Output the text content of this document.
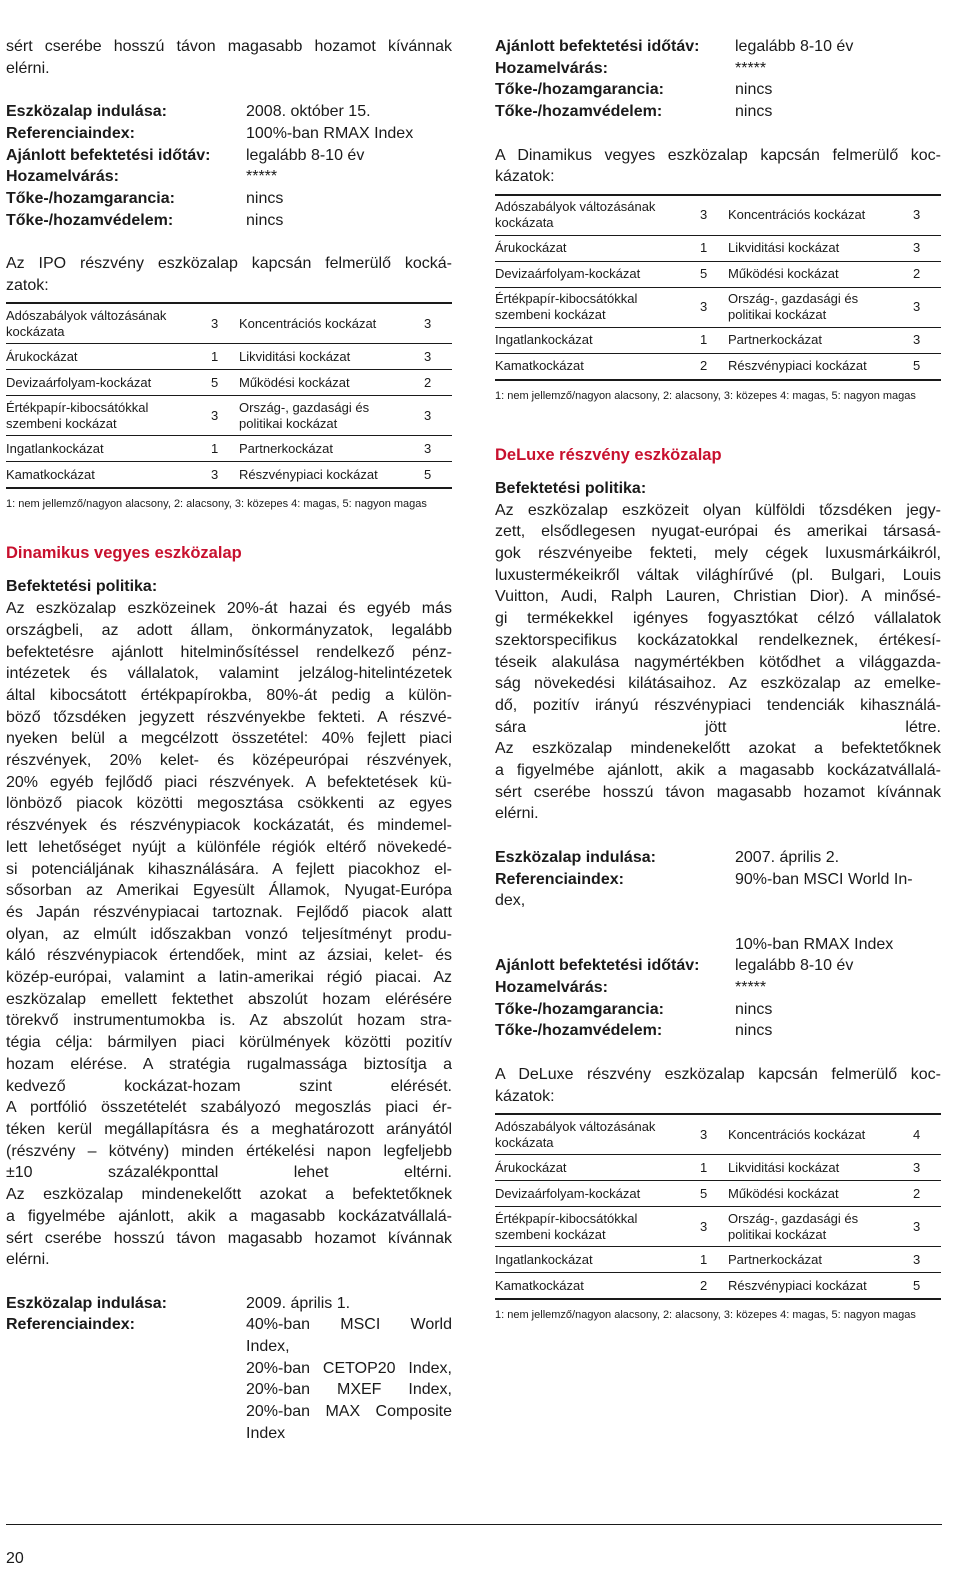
sért cserébe hosszú távon magasabb hozamot kívánnak
elérni.
Eszközalap indulása:	2008. október 15.
Referenciaindex:	100%-ban RMAX Index
Ajánlott befektetési időtáv:	legalább 8-10 év
Hozamelvárás:	*****
Tőke-/hozamgarancia:	nincs
Tőke-/hozamvédelem:	nincs
Az IPO részvény eszközalap kapcsán felmerülő kocká-
zatok:
Adószabályok változásának
kockázata	3	Koncentrációs kockázat	3
Árukockázat	1	Likviditási kockázat	3
Devizaárfolyam-kockázat	5	Működési kockázat	2
Értékpapír-kibocsátókkal
szembeni kockázat	3	Ország-, gazdasági és
politikai kockázat	3
Ingatlankockázat	1	Partnerkockázat	3
Kamatkockázat	3	Részvénypiaci kockázat	5
1: nem jellemző/nagyon alacsony, 2: alacsony, 3: közepes 4: magas, 5: nagyon magas
Dinamikus vegyes eszközalap
Befektetési politika:
Az eszközalap eszközeinek 20%-át hazai és egyéb más
országbeli, az adott állam, önkormányzatok, legalább
befektetésre ajánlott hitelminősítéssel rendelkező pénz-
intézetek és vállalatok, valamint jelzálog-hitelintézetek
által kibocsátott értékpapírokba, 80%-át pedig a külön-
böző tőzsdéken jegyzett részvényekbe fekteti. A részvé-
nyeken belül a megcélzott összetétel: 40% fejlett piaci
részvények, 20% kelet- és középeurópai részvények,
20% egyéb fejlődő piaci részvények. A befektetések kü-
lönböző piacok közötti megosztása csökkenti az egyes
részvények és részvénypiacok kockázatát, és mindemel-
lett lehetőséget nyújt a különféle régiók eltérő növekedé-
si potenciáljának kihasználására. A fejlett piacokhoz el-
sősorban az Amerikai Egyesült Államok, Nyugat-Európa
és Japán részvénypiacai tartoznak. Fejlődő piacok alatt
olyan, az elmúlt időszakban vonzó teljesítményt produ-
káló részvénypiacok értendőek, mint az ázsiai, kelet- és
közép-európai, valamint a latin-amerikai régió piacai. Az
eszközalap emellett fektethet abszolút hozam elérésére
törekvő instrumentumokba is. Az abszolút hozam stra-
tégia célja: bármilyen piaci körülmények közötti pozitív
hozam elérése. A stratégia rugalmassága biztosítja a
kedvező kockázat-hozam szint elérését.
A portfólió összetételét szabályozó megoszlás piaci ér-
téken kerül megállapításra és a meghatározott arányától
(részvény – kötvény) minden értékelési napon legfeljebb
±10 százalékponttal lehet eltérni.
Az eszközalap mindenekelőtt azokat a befektetőknek
a figyelmébe ajánlott, akik a magasabb kockázatvállalá-
sért cserébe hosszú távon magasabb hozamot kívánnak
elérni.
Eszközalap indulása:	2009. április 1.
Referenciaindex:	40%-ban MSCI World
Index,
20%-ban CETOP20 Index,
20%-ban MXEF Index,
20%-ban MAX Composite
Index
Ajánlott befektetési időtáv:	legalább 8-10 év
Hozamelvárás:	*****
Tőke-/hozamgarancia:	nincs
Tőke-/hozamvédelem:	nincs
A Dinamikus vegyes eszközalap kapcsán felmerülő koc-
kázatok:
Adószabályok változásának
kockázata	3	Koncentrációs kockázat	3
Árukockázat	1	Likviditási kockázat	3
Devizaárfolyam-kockázat	5	Működési kockázat	2
Értékpapír-kibocsátókkal
szembeni kockázat	3	Ország-, gazdasági és
politikai kockázat	3
Ingatlankockázat	1	Partnerkockázat	3
Kamatkockázat	2	Részvénypiaci kockázat	5
1: nem jellemző/nagyon alacsony, 2: alacsony, 3: közepes 4: magas, 5: nagyon magas
DeLuxe részvény eszközalap
Befektetési politika:
Az eszközalap eszközeit olyan külföldi tőzsdéken jegy-
zett, elsődlegesen nyugat-európai és amerikai társasá-
gok részvényeibe fekteti, mely cégek luxusmárkáikról,
luxustermékeikről váltak világhírűvé (pl. Bulgari, Louis
Vuitton, Audi, Ralph Lauren, Christian Dior). A minősé-
gi termékekkel igényes fogyasztókat célzó vállalatok
szektorspecifikus kockázatokkal rendelkeznek, értékesí-
téseik alakulása nagymértékben kötődhet a világgazda-
ság növekedési kilátásaihoz. Az eszközalap az emelke-
dő, pozitív irányú részvénypiaci tendenciák kihasználá-
sára jött létre.
Az eszközalap mindenekelőtt azokat a befektetőknek
a figyelmébe ajánlott, akik a magasabb kockázatvállalá-
sért cserébe hosszú távon magasabb hozamot kívánnak
elérni.
Eszközalap indulása:	2007. április 2.
Referenciaindex:	90%-ban MSCI World In-
dex,
10%-ban RMAX Index
Ajánlott befektetési időtáv:	legalább 8-10 év
Hozamelvárás:	*****
Tőke-/hozamgarancia:	nincs
Tőke-/hozamvédelem:	nincs
A DeLuxe részvény eszközalap kapcsán felmerülő koc-
kázatok:
Adószabályok változásának
kockázata	3	Koncentrációs kockázat	4
Árukockázat	1	Likviditási kockázat	3
Devizaárfolyam-kockázat	5	Működési kockázat	2
Értékpapír-kibocsátókkal
szembeni kockázat	3	Ország-, gazdasági és
politikai kockázat	3
Ingatlankockázat	1	Partnerkockázat	3
Kamatkockázat	2	Részvénypiaci kockázat	5
1: nem jellemző/nagyon alacsony, 2: alacsony, 3: közepes 4: magas, 5: nagyon magas
20
